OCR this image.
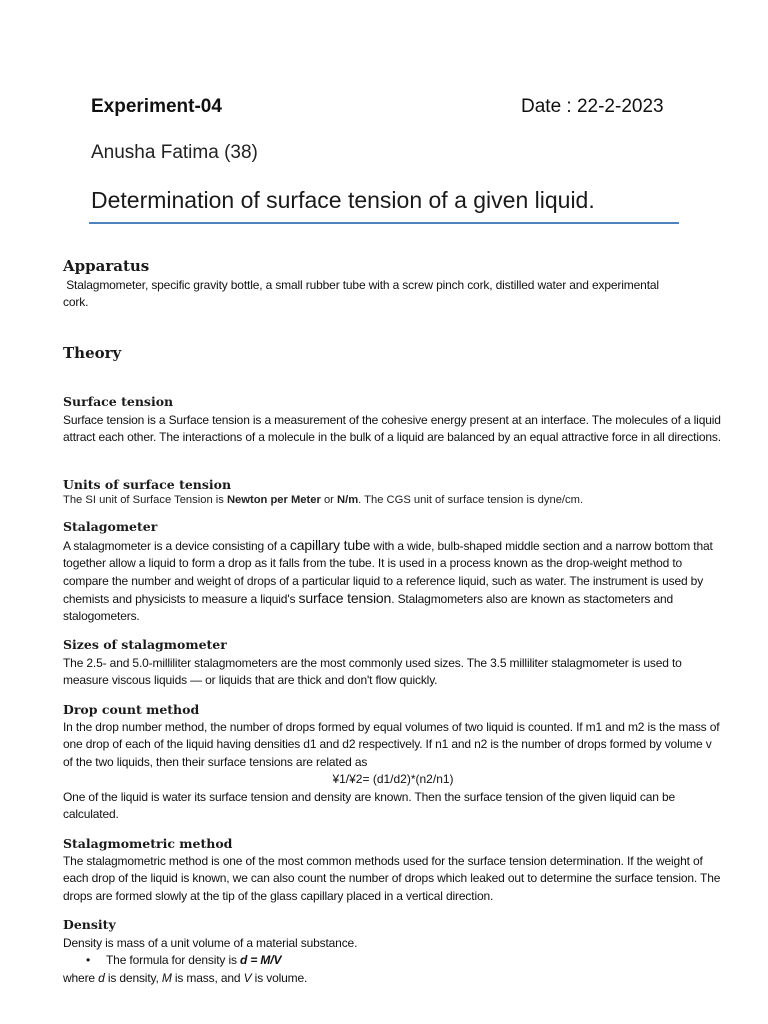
Experiment-04	Date : 22-2-2023
Anusha Fatima (38)
Determination of surface tension of a given liquid.
Apparatus
Stalagmometer, specific gravity bottle, a small rubber tube with a screw pinch cork, distilled water and experimental cork.
Theory
Surface tension
Surface tension is a Surface tension is a measurement of the cohesive energy present at an interface. The molecules of a liquid attract each other. The interactions of a molecule in the bulk of a liquid are balanced by an equal attractive force in all directions.
Units of surface tension
The SI unit of Surface Tension is Newton per Meter or N/m. The CGS unit of surface tension is dyne/cm.
Stalagometer
A stalagmometer is a device consisting of a capillary tube with a wide, bulb-shaped middle section and a narrow bottom that together allow a liquid to form a drop as it falls from the tube. It is used in a process known as the drop-weight method to compare the number and weight of drops of a particular liquid to a reference liquid, such as water. The instrument is used by chemists and physicists to measure a liquid's surface tension. Stalagmometers also are known as stactometers and stalogometers.
Sizes of stalagmometer
The 2.5- and 5.0-milliliter stalagmometers are the most commonly used sizes. The 3.5 milliliter stalagmometer is used to measure viscous liquids — or liquids that are thick and don't flow quickly.
Drop count method
In the drop number method, the number of drops formed by equal volumes of two liquid is counted. If m1 and m2 is the mass of one drop of each of the liquid having densities d1 and d2 respectively. If n1 and n2 is the number of drops formed by volume v of the two liquids, then their surface tensions are related as
¥1/¥2= (d1/d2)*(n2/n1)
One of the liquid is water its surface tension and density are known. Then the surface tension of the given liquid can be calculated.
Stalagmometric method
The stalagmometric method is one of the most common methods used for the surface tension determination. If the weight of each drop of the liquid is known, we can also count the number of drops which leaked out to determine the surface tension. The drops are formed slowly at the tip of the glass capillary placed in a vertical direction.
Density
Density is mass of a unit volume of a material substance.
• The formula for density is d = M/V
where d is density, M is mass, and V is volume.
